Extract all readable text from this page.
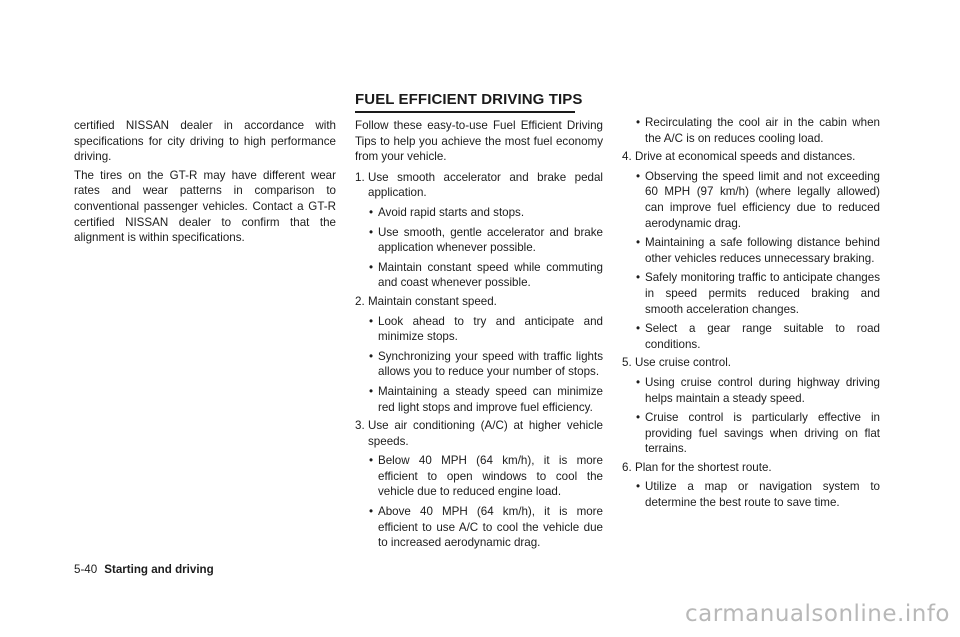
certified NISSAN dealer in accordance with specifications for city driving to high performance driving.

The tires on the GT-R may have different wear rates and wear patterns in comparison to conventional passenger vehicles. Contact a GT-R certified NISSAN dealer to confirm that the alignment is within specifications.

FUEL EFFICIENT DRIVING TIPS

Follow these easy-to-use Fuel Efficient Driving Tips to help you achieve the most fuel economy from your vehicle.

1. Use smooth accelerator and brake pedal application.
• Avoid rapid starts and stops.
• Use smooth, gentle accelerator and brake application whenever possible.
• Maintain constant speed while commuting and coast whenever possible.
2. Maintain constant speed.
• Look ahead to try and anticipate and minimize stops.
• Synchronizing your speed with traffic lights allows you to reduce your number of stops.
• Maintaining a steady speed can minimize red light stops and improve fuel efficiency.
3. Use air conditioning (A/C) at higher vehicle speeds.
• Below 40 MPH (64 km/h), it is more efficient to open windows to cool the vehicle due to reduced engine load.
• Above 40 MPH (64 km/h), it is more efficient to use A/C to cool the vehicle due to increased aerodynamic drag.
• Recirculating the cool air in the cabin when the A/C is on reduces cooling load.
4. Drive at economical speeds and distances.
• Observing the speed limit and not exceeding 60 MPH (97 km/h) (where legally allowed) can improve fuel efficiency due to reduced aerodynamic drag.
• Maintaining a safe following distance behind other vehicles reduces unnecessary braking.
• Safely monitoring traffic to anticipate changes in speed permits reduced braking and smooth acceleration changes.
• Select a gear range suitable to road conditions.
5. Use cruise control.
• Using cruise control during highway driving helps maintain a steady speed.
• Cruise control is particularly effective in providing fuel savings when driving on flat terrains.
6. Plan for the shortest route.
• Utilize a map or navigation system to determine the best route to save time.
5-40 Starting and driving
carmanualsonline.info
